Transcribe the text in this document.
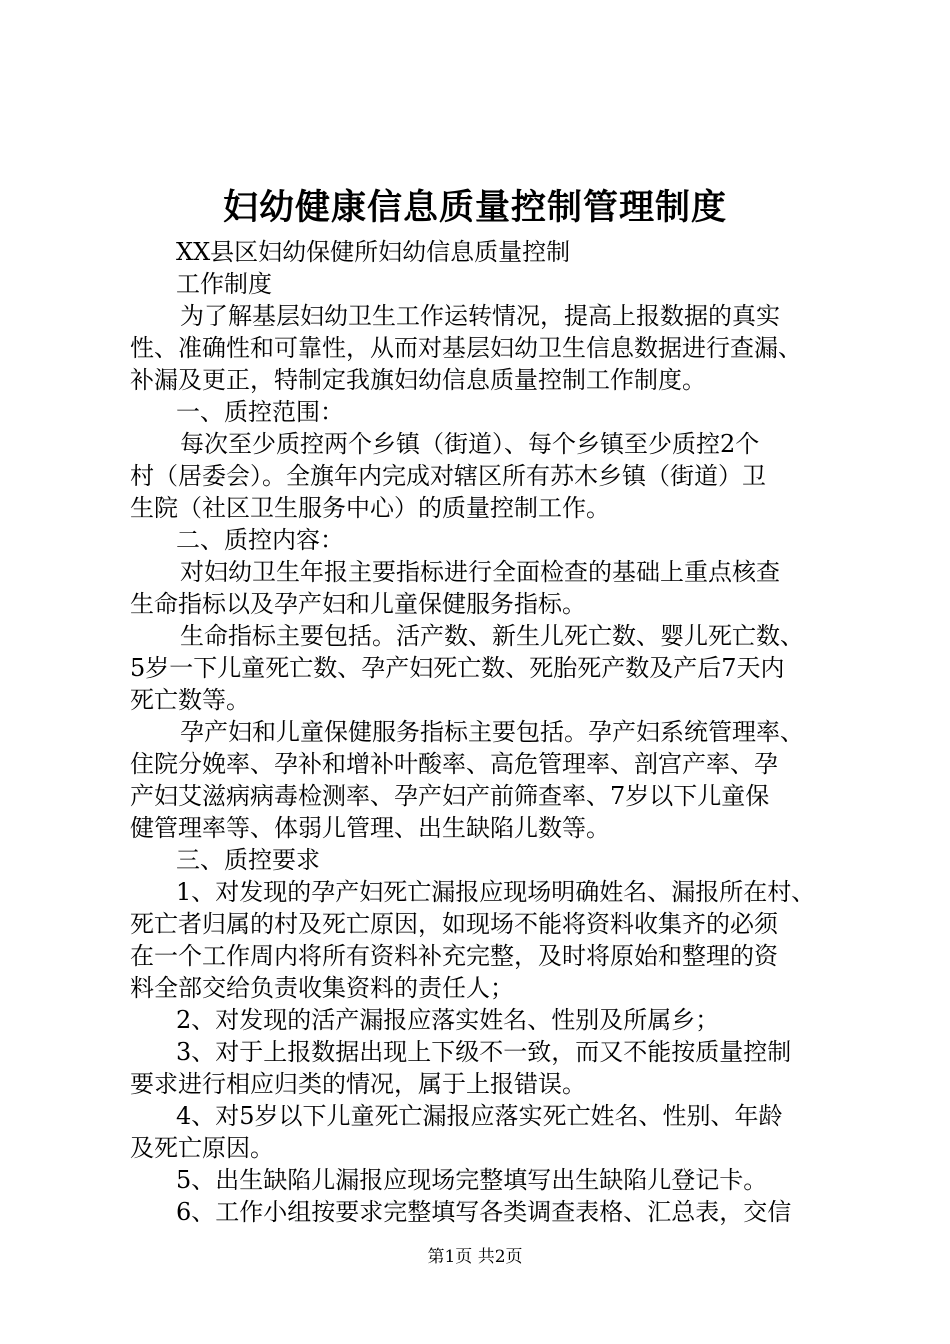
妇幼健康信息质量控制管理制度
XX县区妇幼保健所妇幼信息质量控制
工作制度
为了解基层妇幼卫生工作运转情况，提高上报数据的真实
性、准确性和可靠性，从而对基层妇幼卫生信息数据进行查漏、
补漏及更正，特制定我旗妇幼信息质量控制工作制度。
一、质控范围：
每次至少质控两个乡镇（街道）、每个乡镇至少质控2个
村（居委会）。全旗年内完成对辖区所有苏木乡镇（街道）卫
生院（社区卫生服务中心）的质量控制工作。
二、质控内容：
对妇幼卫生年报主要指标进行全面检查的基础上重点核查
生命指标以及孕产妇和儿童保健服务指标。
生命指标主要包括。活产数、新生儿死亡数、婴儿死亡数、
5岁一下儿童死亡数、孕产妇死亡数、死胎死产数及产后7天内
死亡数等。
孕产妇和儿童保健服务指标主要包括。孕产妇系统管理率、
住院分娩率、孕补和增补叶酸率、高危管理率、剖宫产率、孕
产妇艾滋病病毒检测率、孕产妇产前筛查率、7岁以下儿童保
健管理率等、体弱儿管理、出生缺陷儿数等。
三、质控要求
1、对发现的孕产妇死亡漏报应现场明确姓名、漏报所在村、
死亡者归属的村及死亡原因，如现场不能将资料收集齐的必须
在一个工作周内将所有资料补充完整，及时将原始和整理的资
料全部交给负责收集资料的责任人；
2、对发现的活产漏报应落实姓名、性别及所属乡；
3、对于上报数据出现上下级不一致，而又不能按质量控制
要求进行相应归类的情况，属于上报错误。
4、对5岁以下儿童死亡漏报应落实死亡姓名、性别、年龄
及死亡原因。
5、出生缺陷儿漏报应现场完整填写出生缺陷儿登记卡。
6、工作小组按要求完整填写各类调查表格、汇总表，交信
第1页 共2页
